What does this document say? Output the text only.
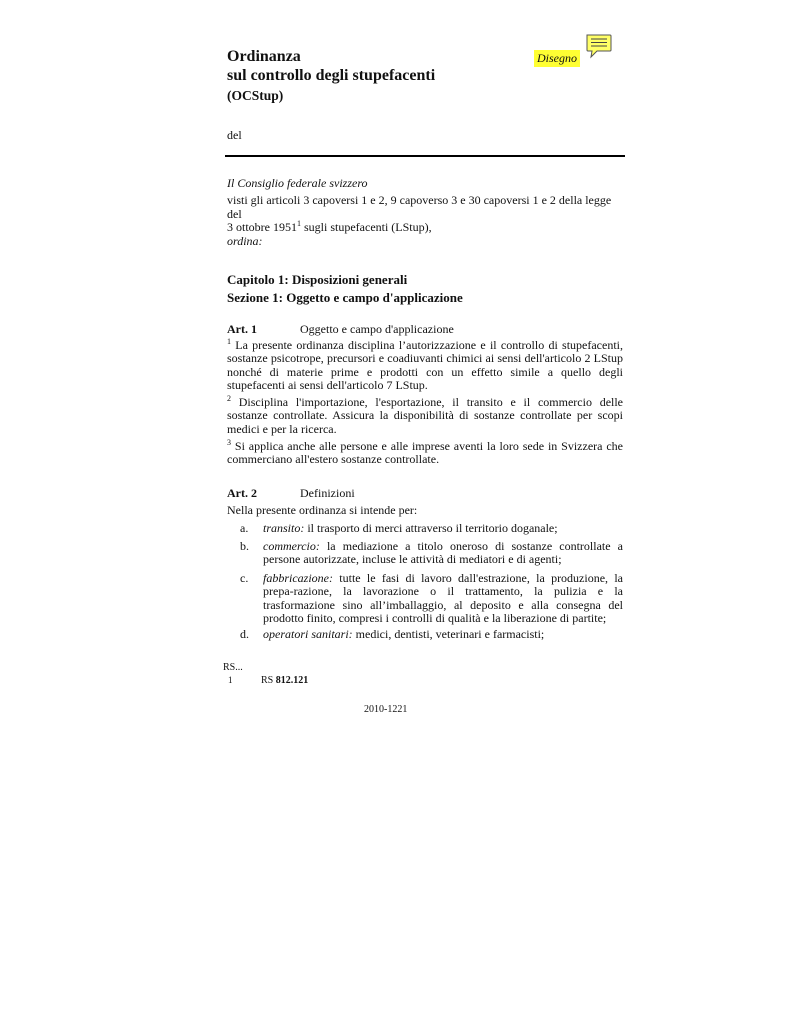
Ordinanza
sul controllo degli stupefacenti
(OCStup)
Disegno
del
Il Consiglio federale svizzero
visti gli articoli 3 capoversi 1 e 2, 9 capoverso 3 e 30 capoversi 1 e 2 della legge del
3 ottobre 1951$^1$ sugli stupefacenti (LStup),
ordina:
Capitolo 1: Disposizioni generali
Sezione 1: Oggetto e campo d'applicazione
Art. 1	Oggetto e campo d'applicazione
$^1$ La presente ordinanza disciplina l’autorizzazione e il controllo di stupefacenti, sostanze psicotrope, precursori e coadiuvanti chimici ai sensi dell'articolo 2 LStup nonché di materie prime e prodotti con un effetto simile a quello degli stupefacenti ai sensi dell'articolo 7 LStup.
$^2$ Disciplina l'importazione, l'esportazione, il transito e il commercio delle sostanze controllate. Assicura la disponibilità di sostanze controllate per scopi medici e per la ricerca.
$^3$ Si applica anche alle persone e alle imprese aventi la loro sede in Svizzera che commerciano all'estero sostanze controllate.
Art. 2	Definizioni
Nella presente ordinanza si intende per:
a. transito: il trasporto di merci attraverso il territorio doganale;
b. commercio: la mediazione a titolo oneroso di sostanze controllate a persone autorizzate, incluse le attività di mediatori e di agenti;
c. fabbricazione: tutte le fasi di lavoro dall'estrazione, la produzione, la prepa-razione, la lavorazione o il trattamento, la pulizia e la trasformazione sino all’imballaggio, al deposito e alla consegna del prodotto finito, compresi i controlli di qualità e la liberazione di partite;
d. operatori sanitari: medici, dentisti, veterinari e farmacisti;
RS...
1	RS 812.121
2010-1221
